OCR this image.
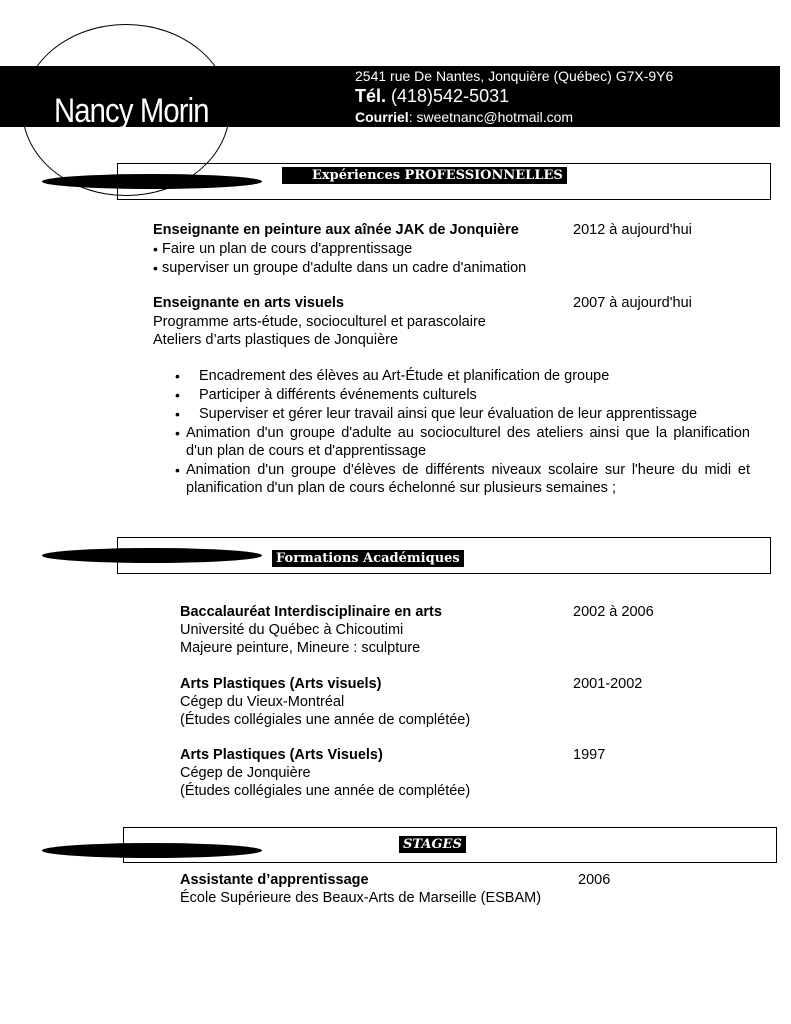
Nancy Morin
2541 rue De Nantes, Jonquière (Québec) G7X-9Y6
Tél. (418)542-5031
Courriel: sweetnanc@hotmail.com
Expériences PROFESSIONNELLES
Enseignante en peinture aux aînée JAK de Jonquière	2012 à aujourd'hui
• Faire un plan de cours d'apprentissage
• superviser un groupe d'adulte dans un cadre d'animation
Enseignante en arts visuels	2007 à aujourd'hui
Programme arts-étude, socioculturel et parascolaire
Ateliers d’arts plastiques de Jonquière
• Encadrement des élèves au Art-Étude et planification de groupe
• Participer à différents événements culturels
• Superviser et gérer leur travail ainsi que leur évaluation de leur apprentissage
• Animation d'un groupe d'adulte au socioculturel des ateliers ainsi que la planification d'un plan de cours et d'apprentissage
• Animation d'un groupe d'élèves de différents niveaux scolaire sur l'heure du midi et planification d'un plan de cours échelonné sur plusieurs semaines ;
Formations Académiques
Baccalauréat Interdisciplinaire en arts	2002 à 2006
Université du Québec à Chicoutimi
Majeure peinture, Mineure : sculpture
Arts Plastiques (Arts visuels)	2001-2002
Cégep du Vieux-Montréal
(Études collégiales une année de complétée)
Arts Plastiques (Arts Visuels)	1997
Cégep de Jonquière
(Études collégiales une année de complétée)
STAGES
Assistante d’apprentissage	2006
École Supérieure des Beaux-Arts de Marseille (ESBAM)
